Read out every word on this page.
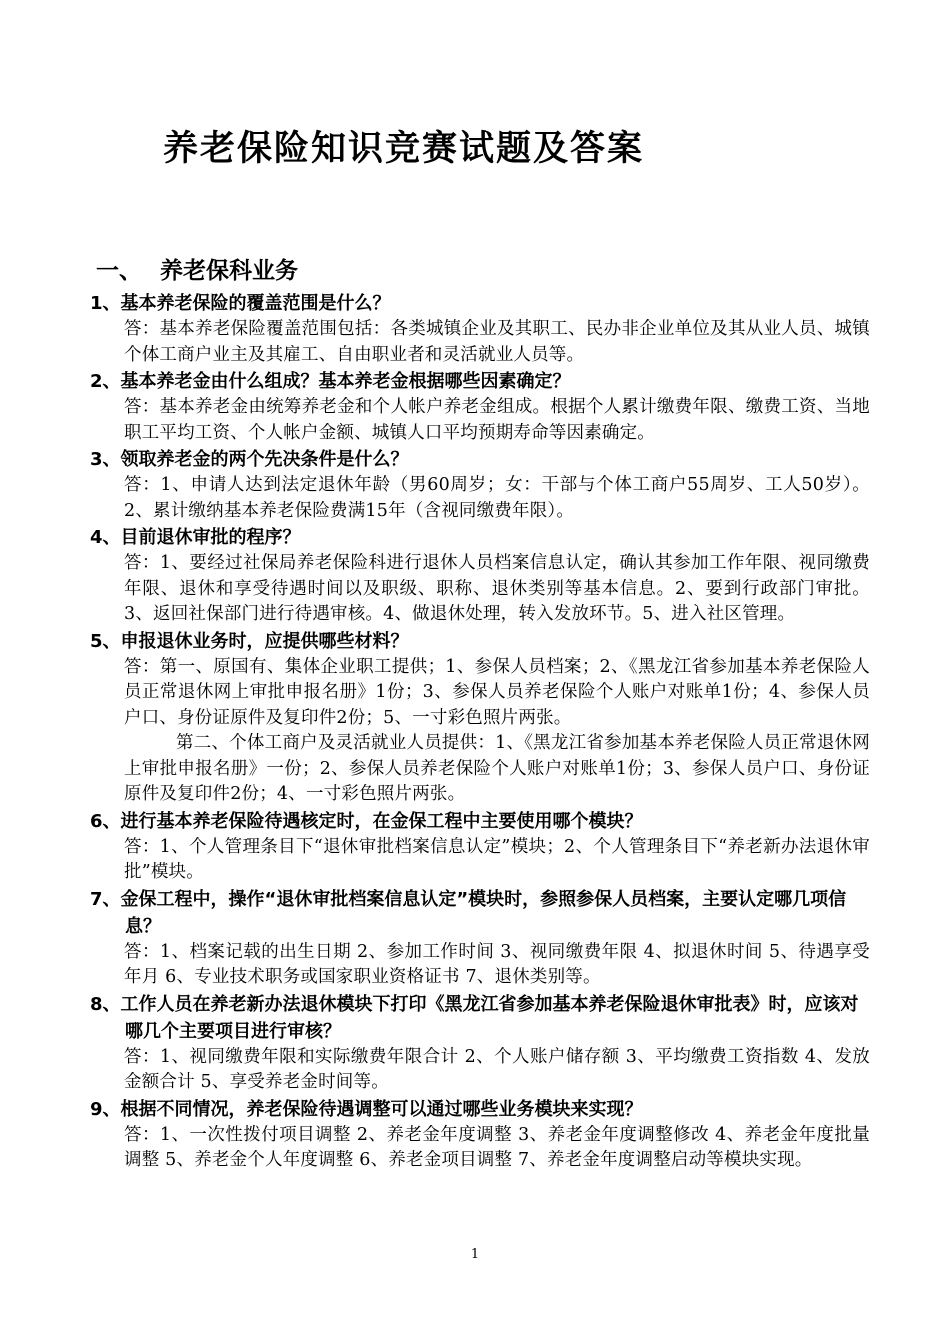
养老保险知识竞赛试题及答案
一、 养老保科业务
1、基本养老保险的覆盖范围是什么？

答：基本养老保险覆盖范围包括：各类城镇企业及其职工、民办非企业单位及其从业人员、城镇个体工商户业主及其雇工、自由职业者和灵活就业人员等。

2、基本养老金由什么组成？基本养老金根据哪些因素确定？

答：基本养老金由统筹养老金和个人帐户养老金组成。根据个人累计缴费年限、缴费工资、当地职工平均工资、个人帐户金额、城镇人口平均预期寿命等因素确定。

3、领取养老金的两个先决条件是什么？

答：1、申请人达到法定退休年龄（男60周岁；女：干部与个体工商户55周岁、工人50岁）。2、累计缴纳基本养老保险费满15年（含视同缴费年限）。

4、目前退休审批的程序？

答：1、要经过社保局养老保险科进行退休人员档案信息认定，确认其参加工作年限、视同缴费年限、退休和享受待遇时间以及职级、职称、退休类别等基本信息。2、要到行政部门审批。3、返回社保部门进行待遇审核。4、做退休处理，转入发放环节。5、进入社区管理。

5、申报退休业务时，应提供哪些材料？

答：第一、原国有、集体企业职工提供；1、参保人员档案；2、《黑龙江省参加基本养老保险人员正常退休网上审批申报名册》1份；3、参保人员养老保险个人账户对账单1份；4、参保人员户口、身份证原件及复印件2份；5、一寸彩色照片两张。

第二、个体工商户及灵活就业人员提供：1、《黑龙江省参加基本养老保险人员正常退休网上审批申报名册》一份；2、参保人员养老保险个人账户对账单1份；3、参保人员户口、身份证原件及复印件2份；4、一寸彩色照片两张。

6、进行基本养老保险待遇核定时，在金保工程中主要使用哪个模块？

答：1、个人管理条目下“退休审批档案信息认定”模块；2、个人管理条目下“养老新办法退休审批”模块。

7、金保工程中，操作“退休审批档案信息认定”模块时，参照参保人员档案，主要认定哪几项信息？

答：1、档案记载的出生日期 2、参加工作时间 3、视同缴费年限 4、拟退休时间 5、待遇享受年月 6、专业技术职务或国家职业资格证书 7、退休类别等。

8、工作人员在养老新办法退休模块下打印《黑龙江省参加基本养老保险退休审批表》时，应该对哪几个主要项目进行审核？

答：1、视同缴费年限和实际缴费年限合计 2、个人账户储存额 3、平均缴费工资指数 4、发放金额合计 5、享受养老金时间等。

9、根据不同情况，养老保险待遇调整可以通过哪些业务模块来实现？

答：1、一次性拨付项目调整 2、养老金年度调整 3、养老金年度调整修改 4、养老金年度批量调整 5、养老金个人年度调整 6、养老金项目调整 7、养老金年度调整启动等模块实现。

1
